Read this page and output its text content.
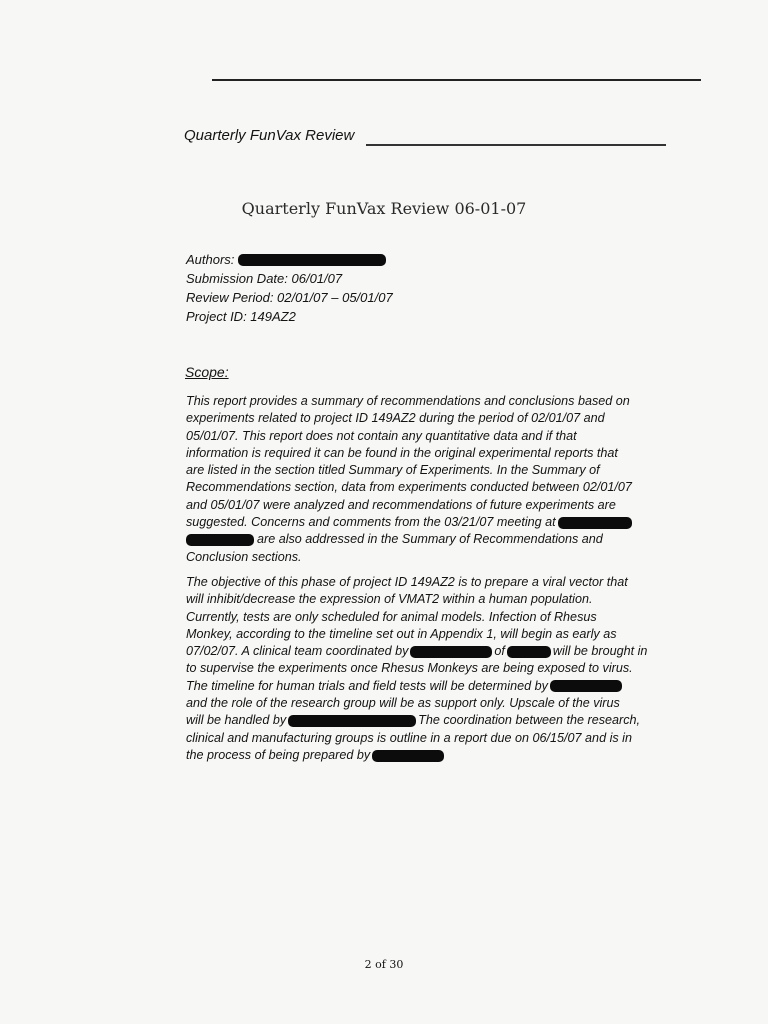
Quarterly FunVax Review
Quarterly FunVax Review 06-01-07
Authors:
Submission Date: 06/01/07
Review Period: 02/01/07 – 05/01/07
Project ID: 149AZ2
Scope:
This report provides a summary of recommendations and conclusions based on
experiments related to project ID 149AZ2 during the period of 02/01/07 and
05/01/07. This report does not contain any quantitative data and if that
information is required it can be found in the original experimental reports that
are listed in the section titled Summary of Experiments. In the Summary of
Recommendations section, data from experiments conducted between 02/01/07
and 05/01/07 were analyzed and recommendations of future experiments are
suggested. Concerns and comments from the 03/21/07 meeting at
are also addressed in the Summary of Recommendations and
Conclusion sections.
The objective of this phase of project ID 149AZ2 is to prepare a viral vector that
will inhibit/decrease the expression of VMAT2 within a human population.
Currently, tests are only scheduled for animal models. Infection of Rhesus
Monkey, according to the timeline set out in Appendix 1, will begin as early as
07/02/07. A clinical team coordinated by	of	will be brought in
to supervise the experiments once Rhesus Monkeys are being exposed to virus.
The timeline for human trials and field tests will be determined by
and the role of the research group will be as support only. Upscale of the virus
will be handled by	The coordination between the research,
clinical and manufacturing groups is outline in a report due on 06/15/07 and is in
the process of being prepared by
2 of 30
